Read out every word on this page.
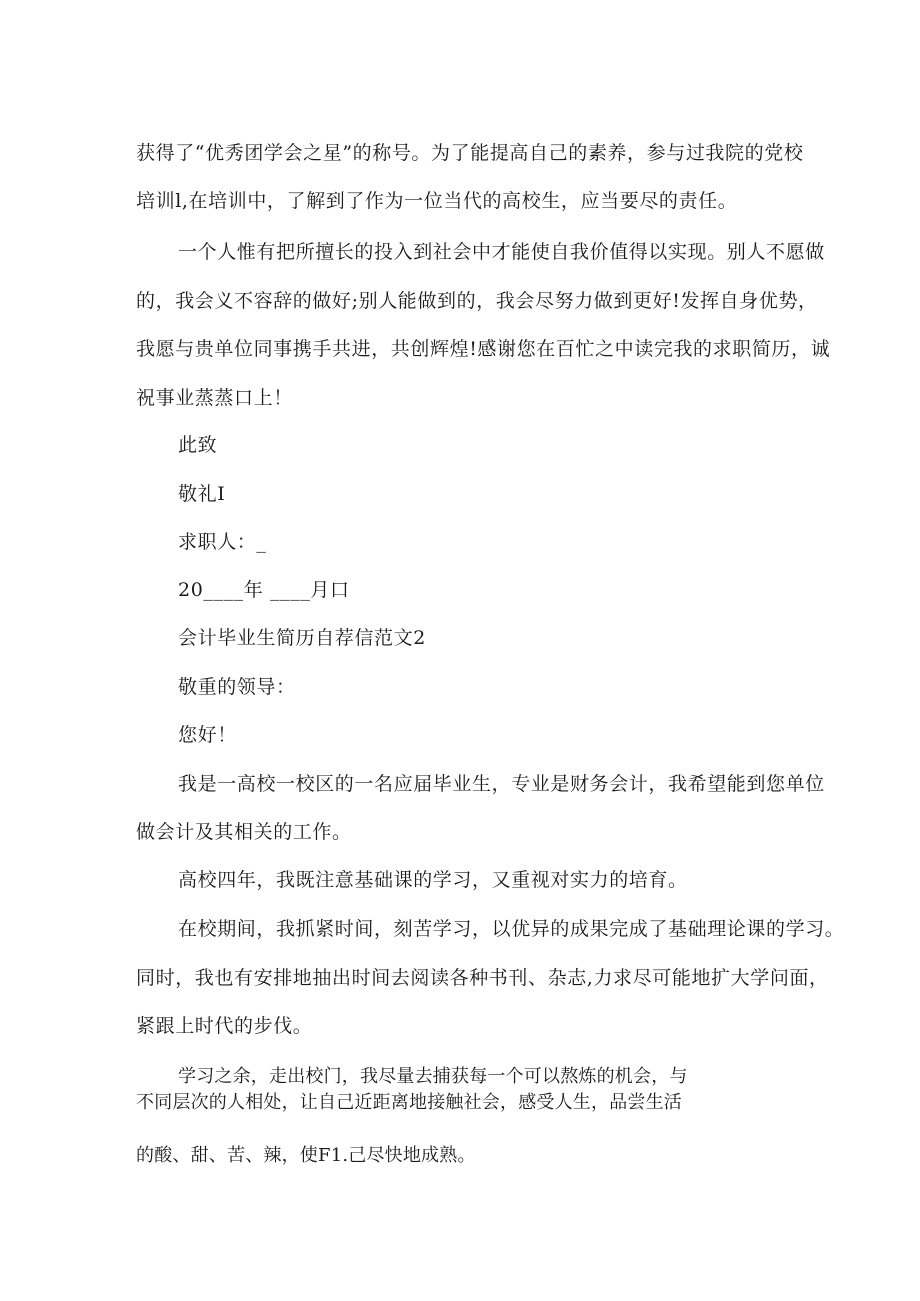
获得了“优秀团学会之星”的称号。为了能提高自己的素养，参与过我院的党校

培训l,在培训中，了解到了作为一位当代的高校生，应当要尽的责任。

一个人惟有把所擅长的投入到社会中才能使自我价值得以实现。别人不愿做

的，我会义不容辞的做好;别人能做到的，我会尽努力做到更好!发挥自身优势，

我愿与贵单位同事携手共进，共创辉煌!感谢您在百忙之中读完我的求职简历，诚

祝事业蒸蒸口上！

此致

敬礼I

求职人：_

20____年 ____月口

会计毕业生简历自荐信范文2

敬重的领导：

您好！

我是一高校一校区的一名应届毕业生，专业是财务会计，我希望能到您单位

做会计及其相关的工作。

高校四年，我既注意基础课的学习，又重视对实力的培育。

在校期间，我抓紧时间，刻苦学习，以优异的成果完成了基础理论课的学习。

同时，我也有安排地抽出时间去阅读各种书刊、杂志,力求尽可能地扩大学问面，

紧跟上时代的步伐。

学习之余，走出校门，我尽量去捕获每一个可以熬炼的机会，与

不同层次的人相处，让自己近距离地接触社会，感受人生，品尝生活

的酸、甜、苦、辣，使F1.己尽快地成熟。
